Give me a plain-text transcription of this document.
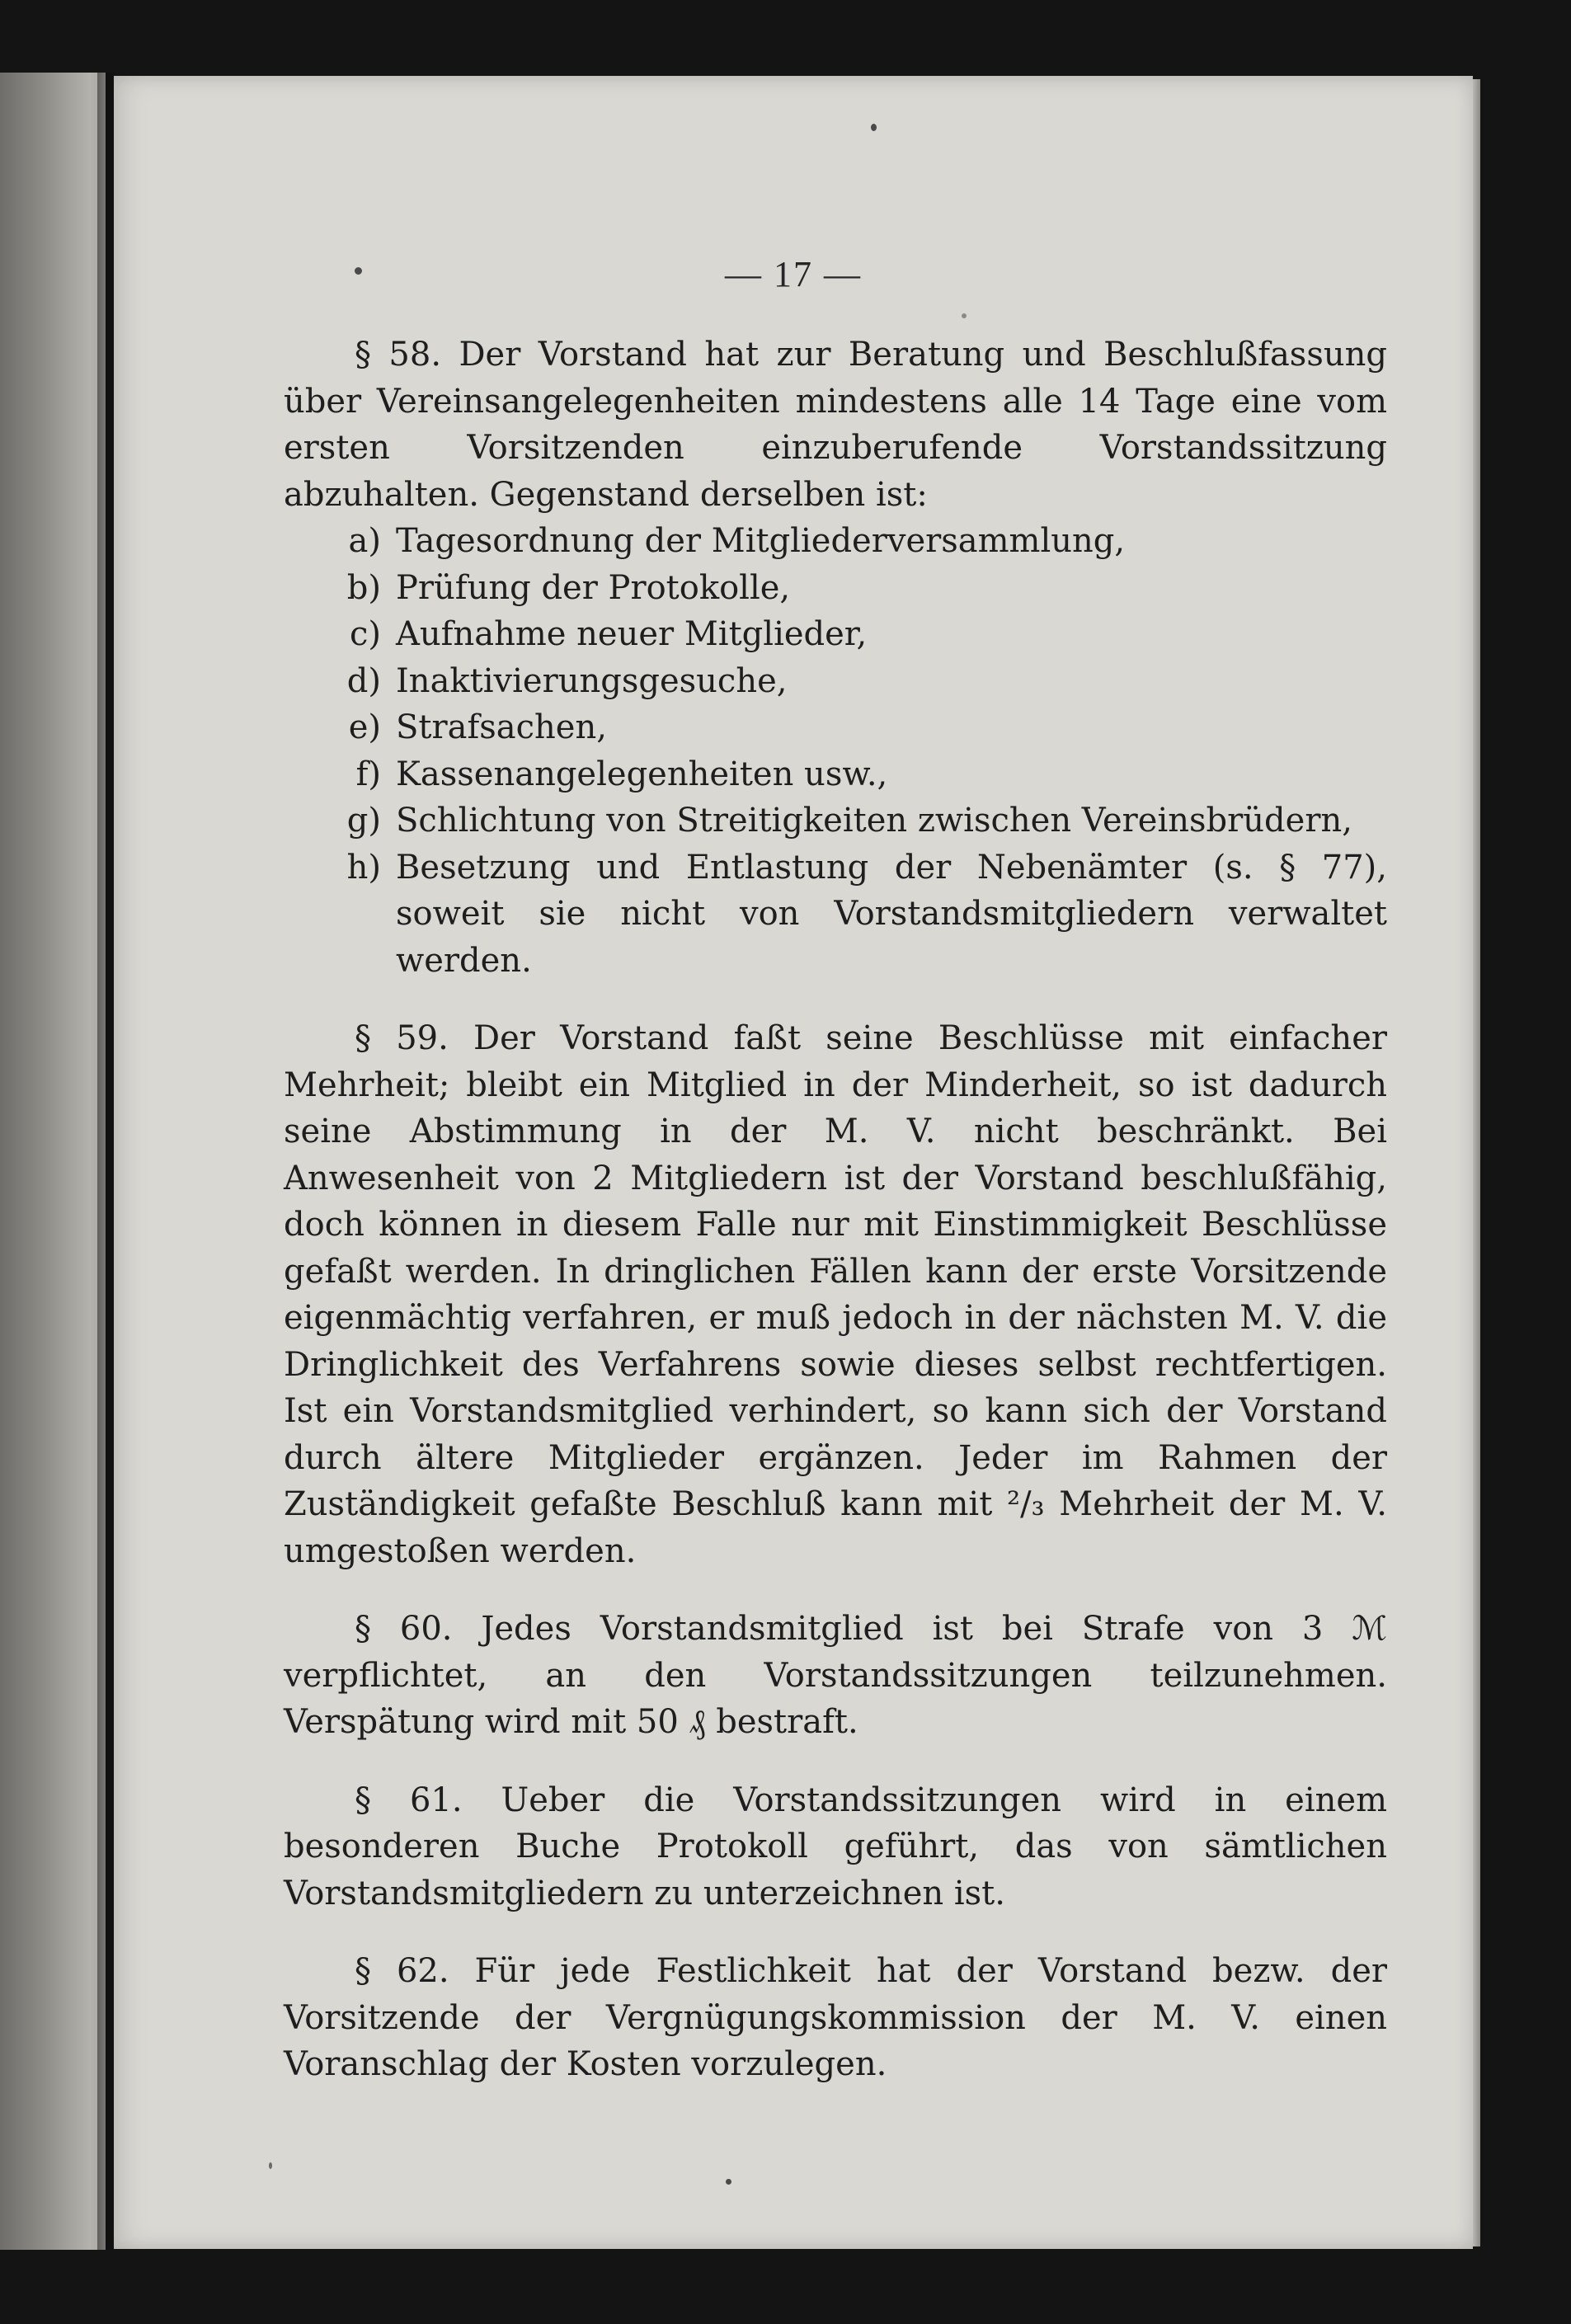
— 17 —

§ 58. Der Vorstand hat zur Beratung und Beschlußfassung über Vereinsangelegenheiten mindestens alle 14 Tage eine vom ersten Vorsitzenden einzuberufende Vorstandssitzung abzuhalten. Gegenstand derselben ist:

a) Tagesordnung der Mitgliederversammlung,
b) Prüfung der Protokolle,
c) Aufnahme neuer Mitglieder,
d) Inaktivierungsgesuche,
e) Strafsachen,
f) Kassenangelegenheiten usw.,
g) Schlichtung von Streitigkeiten zwischen Vereinsbrüdern,
h) Besetzung und Entlastung der Nebenämter (s. § 77), soweit sie nicht von Vorstandsmitgliedern verwaltet werden.

§ 59. Der Vorstand faßt seine Beschlüsse mit einfacher Mehrheit; bleibt ein Mitglied in der Minderheit, so ist dadurch seine Abstimmung in der M. V. nicht beschränkt. Bei Anwesenheit von 2 Mitgliedern ist der Vorstand beschlußfähig, doch können in diesem Falle nur mit Einstimmigkeit Beschlüsse gefaßt werden. In dringlichen Fällen kann der erste Vorsitzende eigenmächtig verfahren, er muß jedoch in der nächsten M. V. die Dringlichkeit des Verfahrens sowie dieses selbst rechtfertigen. Ist ein Vorstandsmitglied verhindert, so kann sich der Vorstand durch ältere Mitglieder ergänzen. Jeder im Rahmen der Zuständigkeit gefaßte Beschluß kann mit ²/₃ Mehrheit der M. V. umgestoßen werden.

§ 60. Jedes Vorstandsmitglied ist bei Strafe von 3 ℳ verpflichtet, an den Vorstandssitzungen teilzunehmen. Verspätung wird mit 50 ₰ bestraft.

§ 61. Ueber die Vorstandssitzungen wird in einem besonderen Buche Protokoll geführt, das von sämtlichen Vorstandsmitgliedern zu unterzeichnen ist.

§ 62. Für jede Festlichkeit hat der Vorstand bezw. der Vorsitzende der Vergnügungskommission der M. V. einen Voranschlag der Kosten vorzulegen.
